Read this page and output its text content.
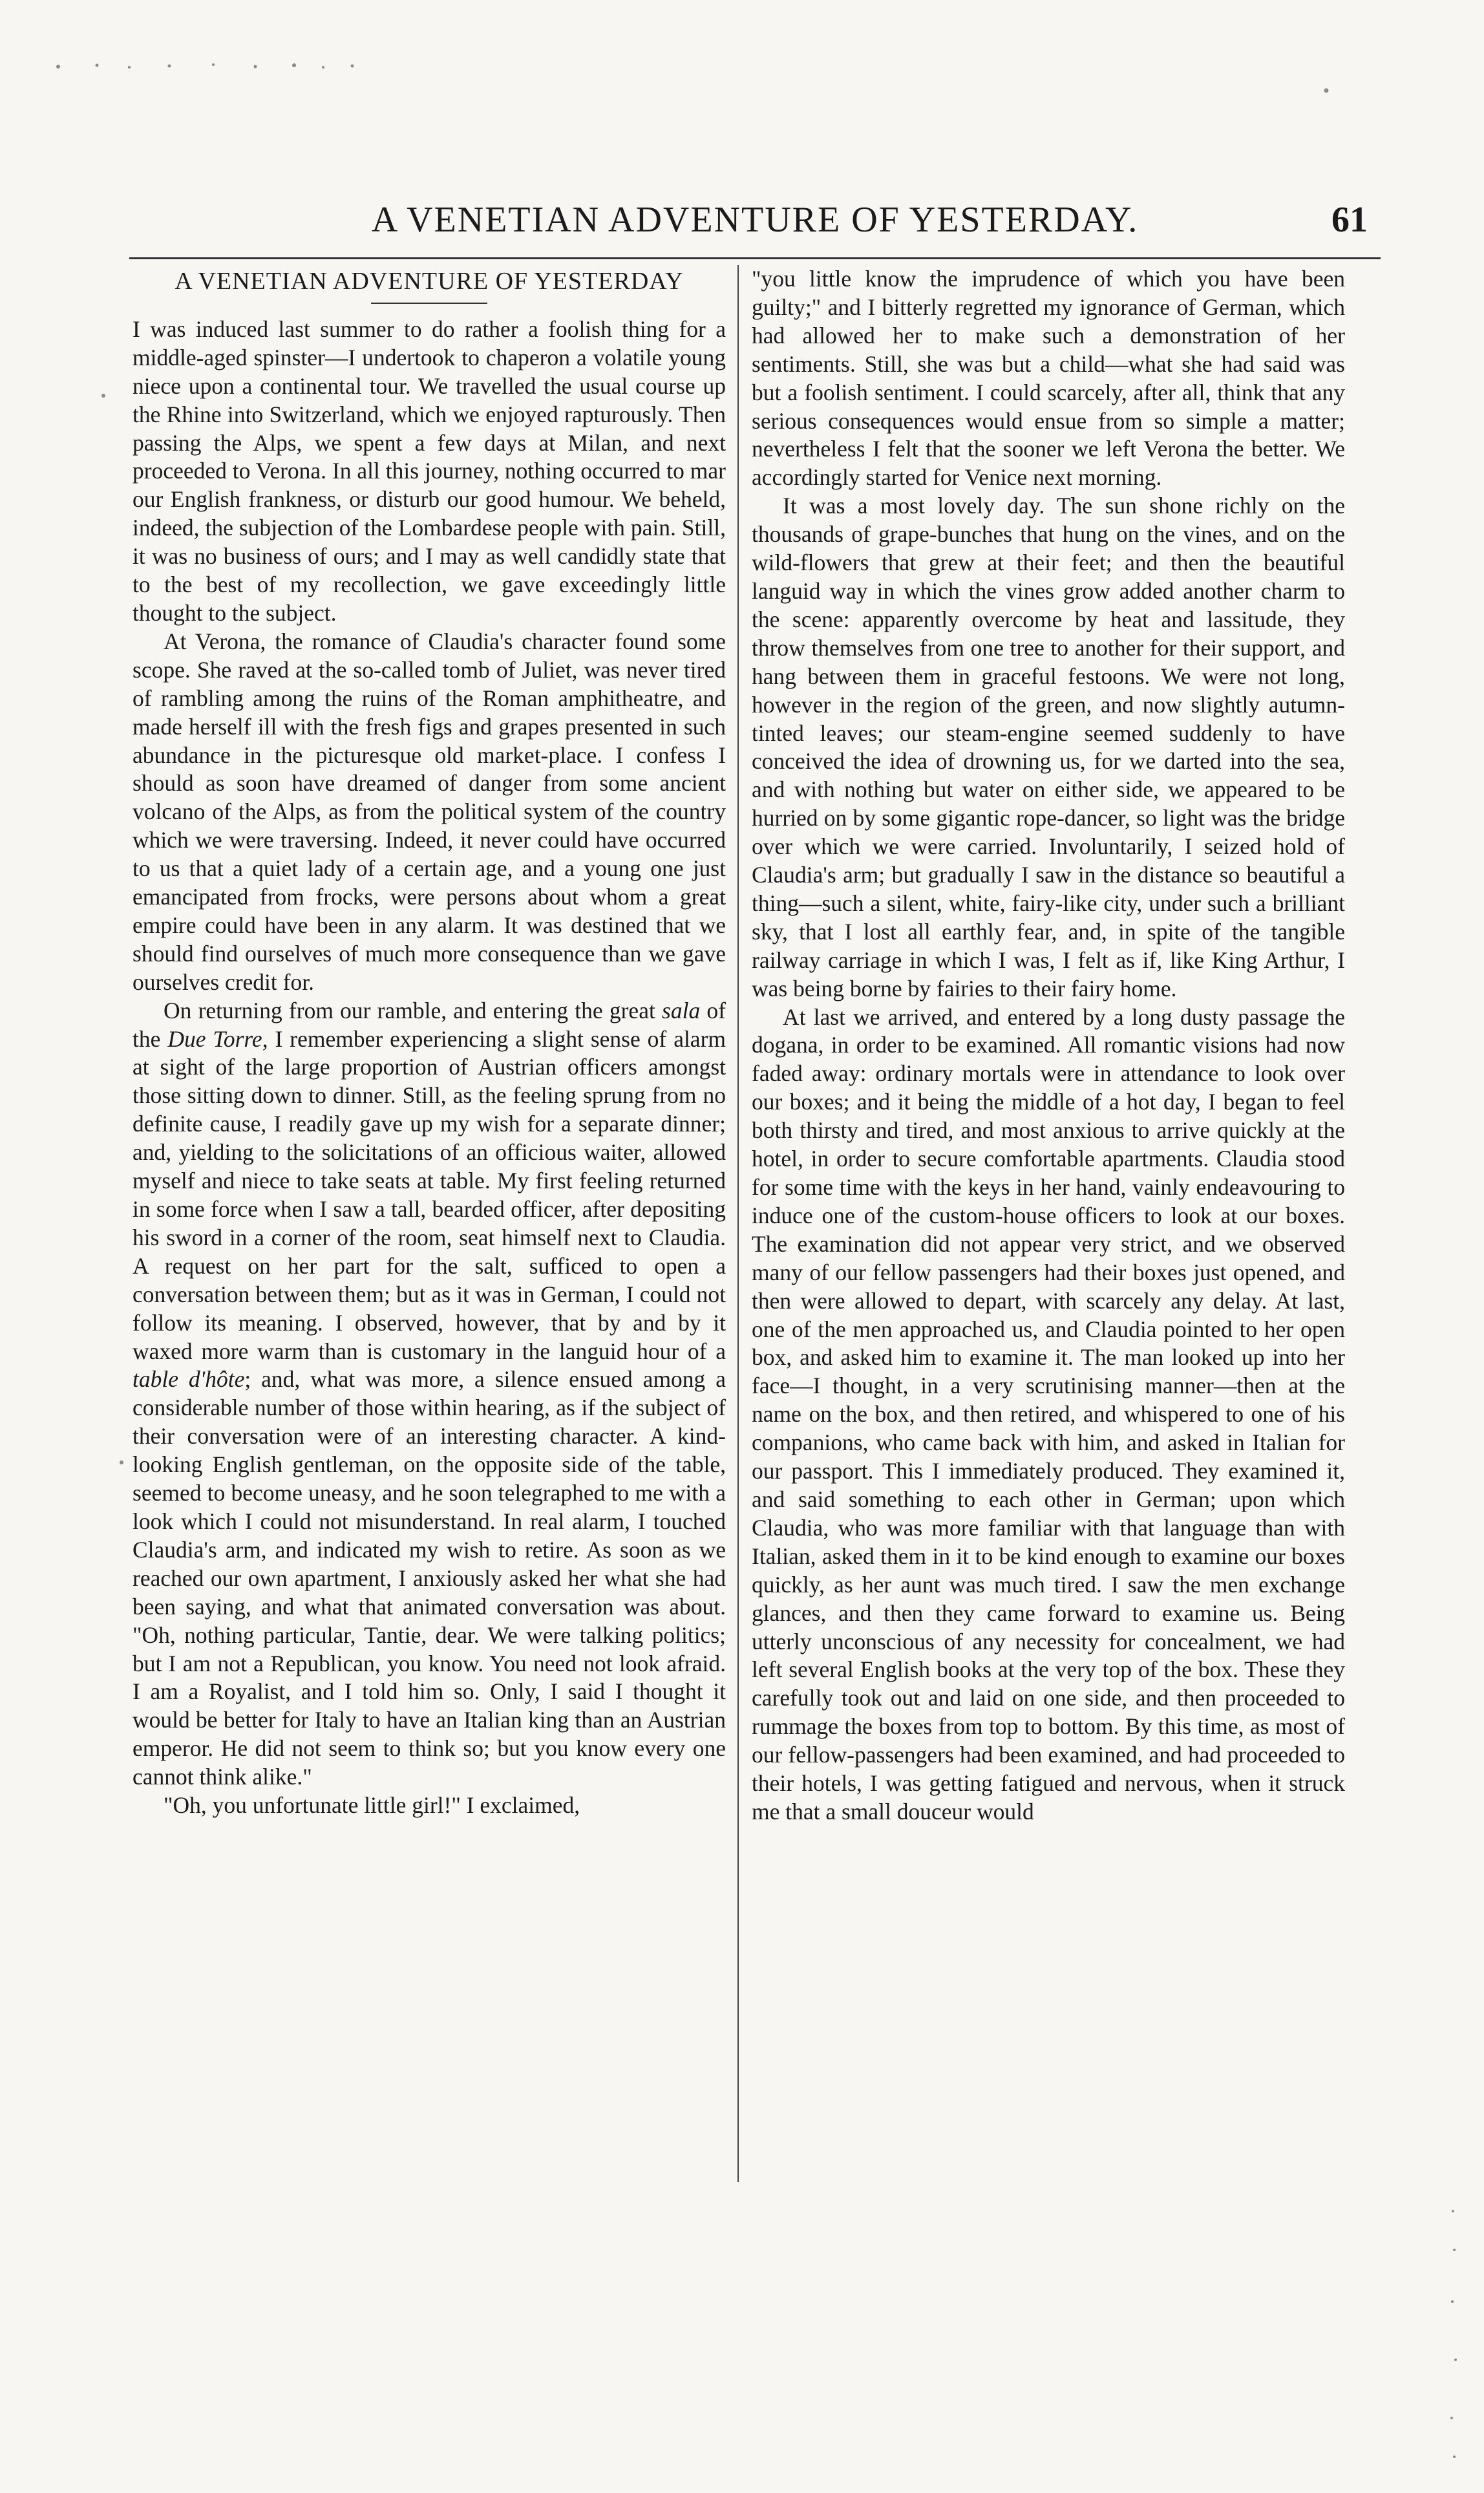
A VENETIAN ADVENTURE OF YESTERDAY.	61
A VENETIAN ADVENTURE OF YESTERDAY

I was induced last summer to do rather a foolish thing for a middle-aged spinster—I undertook to chaperon a volatile young niece upon a continental tour. We travelled the usual course up the Rhine into Switzerland, which we enjoyed rapturously. Then passing the Alps, we spent a few days at Milan, and next proceeded to Verona. In all this journey, nothing occurred to mar our English frankness, or disturb our good humour. We beheld, indeed, the subjection of the Lombardese people with pain. Still, it was no business of ours; and I may as well candidly state that to the best of my recollection, we gave exceedingly little thought to the subject.

At Verona, the romance of Claudia's character found some scope. She raved at the so-called tomb of Juliet, was never tired of rambling among the ruins of the Roman amphitheatre, and made herself ill with the fresh figs and grapes presented in such abundance in the picturesque old market-place. I confess I should as soon have dreamed of danger from some ancient volcano of the Alps, as from the political system of the country which we were traversing. Indeed, it never could have occurred to us that a quiet lady of a certain age, and a young one just emancipated from frocks, were persons about whom a great empire could have been in any alarm. It was destined that we should find ourselves of much more consequence than we gave ourselves credit for.

On returning from our ramble, and entering the great sala of the Due Torre, I remember experiencing a slight sense of alarm at sight of the large proportion of Austrian officers amongst those sitting down to dinner. Still, as the feeling sprung from no definite cause, I readily gave up my wish for a separate dinner; and, yielding to the solicitations of an officious waiter, allowed myself and niece to take seats at table. My first feeling returned in some force when I saw a tall, bearded officer, after depositing his sword in a corner of the room, seat himself next to Claudia. A request on her part for the salt, sufficed to open a conversation between them; but as it was in German, I could not follow its meaning. I observed, however, that by and by it waxed more warm than is customary in the languid hour of a table d'hôte; and, what was more, a silence ensued among a considerable number of those within hearing, as if the subject of their conversation were of an interesting character. A kind-looking English gentleman, on the opposite side of the table, seemed to become uneasy, and he soon telegraphed to me with a look which I could not misunderstand. In real alarm, I touched Claudia's arm, and indicated my wish to retire. As soon as we reached our own apartment, I anxiously asked her what she had been saying, and what that animated conversation was about. "Oh, nothing particular, Tantie, dear. We were talking politics; but I am not a Republican, you know. You need not look afraid. I am a Royalist, and I told him so. Only, I said I thought it would be better for Italy to have an Italian king than an Austrian emperor. He did not seem to think so; but you know every one cannot think alike."

"Oh, you unfortunate little girl!" I exclaimed,

"you little know the imprudence of which you have been guilty;" and I bitterly regretted my ignorance of German, which had allowed her to make such a demonstration of her sentiments. Still, she was but a child—what she had said was but a foolish sentiment. I could scarcely, after all, think that any serious consequences would ensue from so simple a matter; nevertheless I felt that the sooner we left Verona the better. We accordingly started for Venice next morning.

It was a most lovely day. The sun shone richly on the thousands of grape-bunches that hung on the vines, and on the wild-flowers that grew at their feet; and then the beautiful languid way in which the vines grow added another charm to the scene: apparently overcome by heat and lassitude, they throw themselves from one tree to another for their support, and hang between them in graceful festoons. We were not long, however in the region of the green, and now slightly autumn-tinted leaves; our steam-engine seemed suddenly to have conceived the idea of drowning us, for we darted into the sea, and with nothing but water on either side, we appeared to be hurried on by some gigantic rope-dancer, so light was the bridge over which we were carried. Involuntarily, I seized hold of Claudia's arm; but gradually I saw in the distance so beautiful a thing—such a silent, white, fairy-like city, under such a brilliant sky, that I lost all earthly fear, and, in spite of the tangible railway carriage in which I was, I felt as if, like King Arthur, I was being borne by fairies to their fairy home.

At last we arrived, and entered by a long dusty passage the dogana, in order to be examined. All romantic visions had now faded away: ordinary mortals were in attendance to look over our boxes; and it being the middle of a hot day, I began to feel both thirsty and tired, and most anxious to arrive quickly at the hotel, in order to secure comfortable apartments. Claudia stood for some time with the keys in her hand, vainly endeavouring to induce one of the custom-house officers to look at our boxes. The examination did not appear very strict, and we observed many of our fellow passengers had their boxes just opened, and then were allowed to depart, with scarcely any delay. At last, one of the men approached us, and Claudia pointed to her open box, and asked him to examine it. The man looked up into her face—I thought, in a very scrutinising manner—then at the name on the box, and then retired, and whispered to one of his companions, who came back with him, and asked in Italian for our passport. This I immediately produced. They examined it, and said something to each other in German; upon which Claudia, who was more familiar with that language than with Italian, asked them in it to be kind enough to examine our boxes quickly, as her aunt was much tired. I saw the men exchange glances, and then they came forward to examine us. Being utterly unconscious of any necessity for concealment, we had left several English books at the very top of the box. These they carefully took out and laid on one side, and then proceeded to rummage the boxes from top to bottom. By this time, as most of our fellow-passengers had been examined, and had proceeded to their hotels, I was getting fatigued and nervous, when it struck me that a small douceur would
